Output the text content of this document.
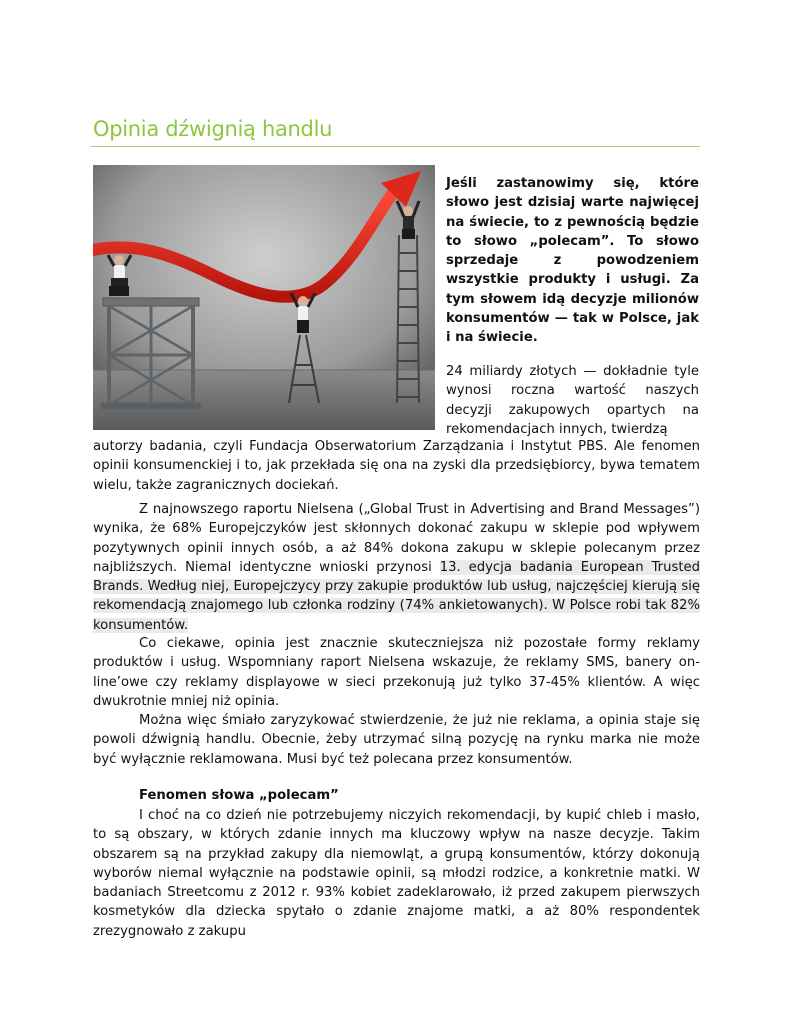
Opinia dźwignią handlu

Jeśli zastanowimy się, które słowo jest dzisiaj warte najwięcej na świecie, to z pewnością będzie to słowo „polecam”. To słowo sprzedaje z powodzeniem wszystkie produkty i usługi. Za tym słowem idą decyzje milionów konsumentów — tak w Polsce, jak i na świecie.

24 miliardy złotych — dokładnie tyle wynosi roczna wartość naszych decyzji zakupowych opartych na rekomendacjach innych, twierdzą

autorzy badania, czyli Fundacja Obserwatorium Zarządzania i Instytut PBS. Ale fenomen opinii konsumenckiej i to, jak przekłada się ona na zyski dla przedsiębiorcy, bywa tematem wielu, także zagranicznych dociekań.

Z najnowszego raportu Nielsena („Global Trust in Advertising and Brand Messages”) wynika, że 68% Europejczyków jest skłonnych dokonać zakupu w sklepie pod wpływem pozytywnych opinii innych osób, a aż 84% dokona zakupu w sklepie polecanym przez najbliższych. Niemal identyczne wnioski przynosi 13. edycja badania European Trusted Brands. Według niej, Europejczycy przy zakupie produktów lub usług, najczęściej kierują się rekomendacją znajomego lub członka rodziny (74% ankietowanych). W Polsce robi tak 82% konsumentów.

Co ciekawe, opinia jest znacznie skuteczniejsza niż pozostałe formy reklamy produktów i usług. Wspomniany raport Nielsena wskazuje, że reklamy SMS, banery on-line’owe czy reklamy displayowe w sieci przekonują już tylko 37-45% klientów. A więc dwukrotnie mniej niż opinia.

Można więc śmiało zaryzykować stwierdzenie, że już nie reklama, a opinia staje się powoli dźwignią handlu. Obecnie, żeby utrzymać silną pozycję na rynku marka nie może być wyłącznie reklamowana. Musi być też polecana przez konsumentów.

Fenomen słowa „polecam”

I choć na co dzień nie potrzebujemy niczyich rekomendacji, by kupić chleb i masło, to są obszary, w których zdanie innych ma kluczowy wpływ na nasze decyzje. Takim obszarem są na przykład zakupy dla niemowląt, a grupą konsumentów, którzy dokonują wyborów niemal wyłącznie na podstawie opinii, są młodzi rodzice, a konkretnie matki. W badaniach Streetcomu z 2012 r. 93% kobiet zadeklarowało, iż przed zakupem pierwszych kosmetyków dla dziecka spytało o zdanie znajome matki, a aż 80% respondentek zrezygnowało z zakupu
